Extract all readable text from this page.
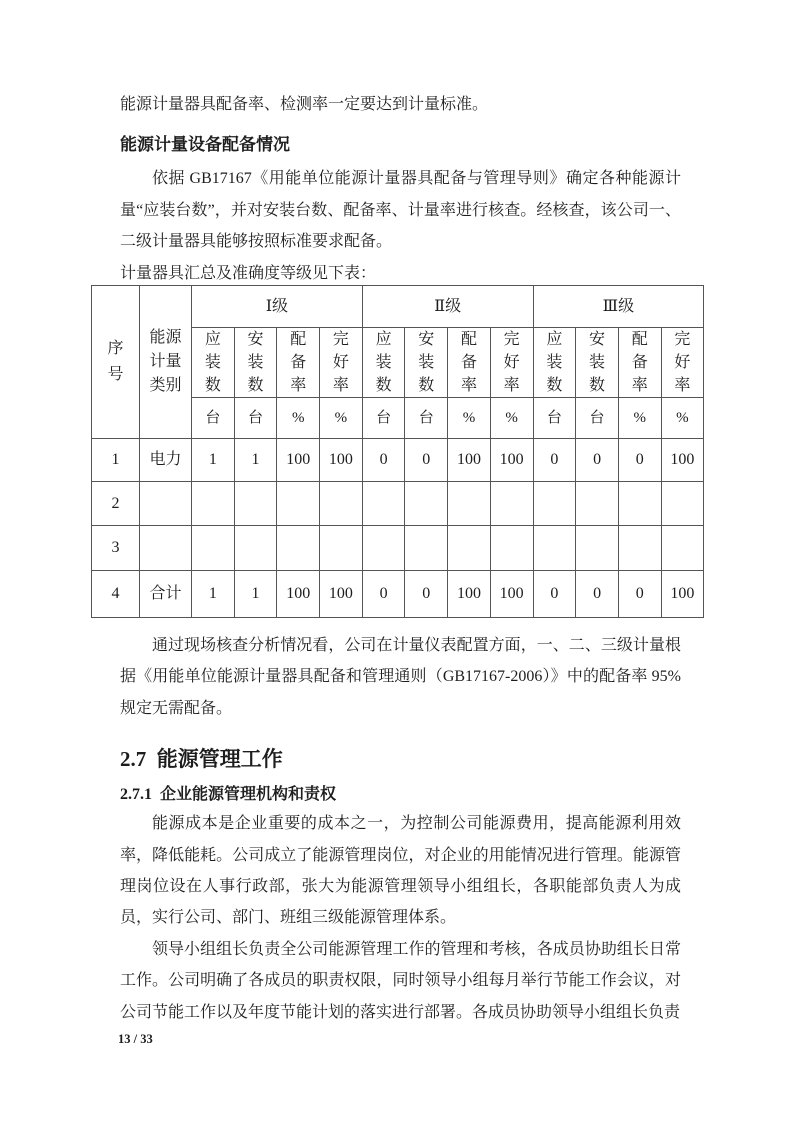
能源计量器具配备率、检测率一定要达到计量标准。

能源计量设备配备情况

依据 GB17167《用能单位能源计量器具配备与管理导则》确定各种能源计量“应装台数”，并对安装台数、配备率、计量率进行核查。经核查，该公司一、二级计量器具能够按照标准要求配备。

计量器具汇总及准确度等级见下表：

序号	能源计量类别	Ⅰ级				Ⅱ级				Ⅲ级			
		应装数	安装数	配备率	完好率	应装数	安装数	配备率	完好率	应装数	安装数	配备率	完好率
		台	台	%	%	台	台	%	%	台	台	%	%
1	电力	1	1	100	100	0	0	100	100	0	0	0	100
2													
3													
4	合计	1	1	100	100	0	0	100	100	0	0	0	100

通过现场核查分析情况看，公司在计量仪表配置方面，一、二、三级计量根据《用能单位能源计量器具配备和管理通则（GB17167-2006）》中的配备率 95%规定无需配备。

2.7  能源管理工作
2.7.1  企业能源管理机构和责权

能源成本是企业重要的成本之一，为控制公司能源费用，提高能源利用效率，降低能耗。公司成立了能源管理岗位，对企业的用能情况进行管理。能源管理岗位设在人事行政部，张大为能源管理领导小组组长，各职能部负责人为成员，实行公司、部门、班组三级能源管理体系。

领导小组组长负责全公司能源管理工作的管理和考核，各成员协助组长日常工作。公司明确了各成员的职责权限，同时领导小组每月举行节能工作会议，对公司节能工作以及年度节能计划的落实进行部署。各成员协助领导小组组长负责

13 / 33
